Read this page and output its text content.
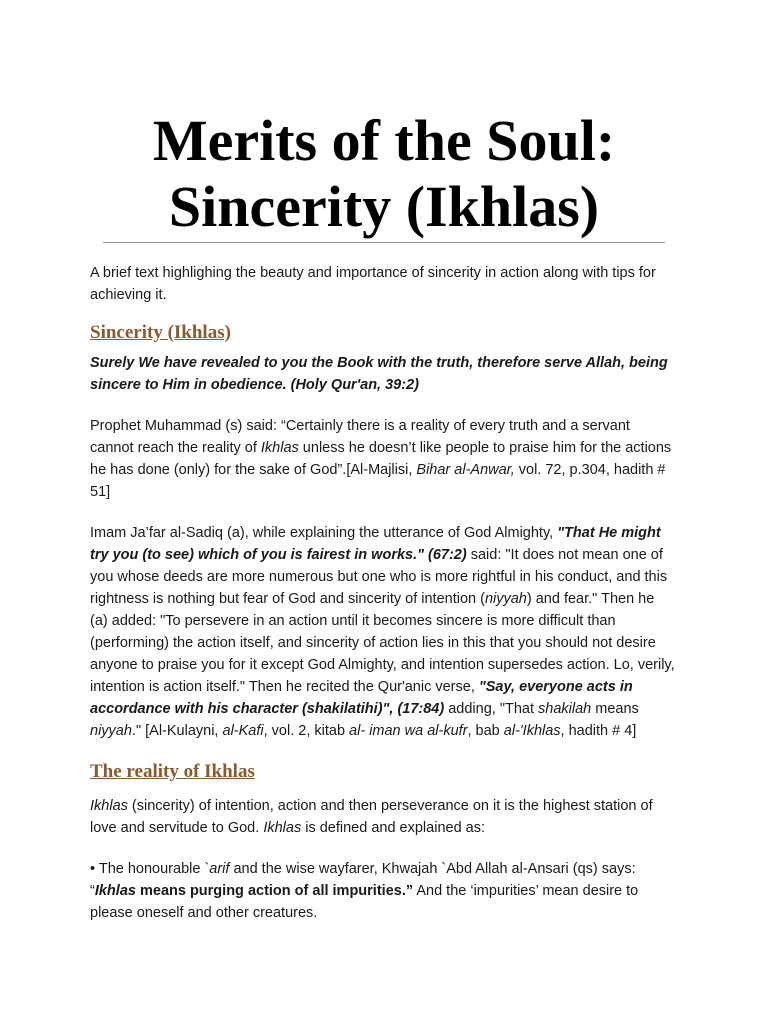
Merits of the Soul:
Sincerity (Ikhlas)

A brief text highlighing the beauty and importance of sincerity in action along with tips for achieving it.

Sincerity (Ikhlas)

Surely We have revealed to you the Book with the truth, therefore serve Allah, being sincere to Him in obedience. (Holy Qur'an, 39:2)

Prophet Muhammad (s) said: “Certainly there is a reality of every truth and a servant cannot reach the reality of Ikhlas unless he doesn’t like people to praise him for the actions he has done (only) for the sake of God”.[Al-Majlisi, Bihar al-Anwar, vol. 72, p.304, hadith # 51]

Imam Ja’far al-Sadiq (a), while explaining the utterance of God Almighty, "That He might try you (to see) which of you is fairest in works." (67:2) said: "It does not mean one of you whose deeds are more numerous but one who is more rightful in his conduct, and this rightness is nothing but fear of God and sincerity of intention (niyyah) and fear." Then he (a) added: "To persevere in an action until it becomes sincere is more difficult than (performing) the action itself, and sincerity of action lies in this that you should not desire anyone to praise you for it except God Almighty, and intention supersedes action. Lo, verily, intention is action itself." Then he recited the Qur'anic verse, "Say, everyone acts in accordance with his character (shakilatihi)", (17:84) adding, "That shakilah means niyyah." [Al-Kulayni, al-Kafi, vol. 2, kitab al- iman wa al-kufr, bab al-'Ikhlas, hadith # 4]

The reality of Ikhlas

Ikhlas (sincerity) of intention, action and then perseverance on it is the highest station of love and servitude to God. Ikhlas is defined and explained as:

• The honourable `arif and the wise wayfarer, Khwajah `Abd Allah al-Ansari (qs) says: “Ikhlas means purging action of all impurities.” And the ‘impurities’ mean desire to please oneself and other creatures.
